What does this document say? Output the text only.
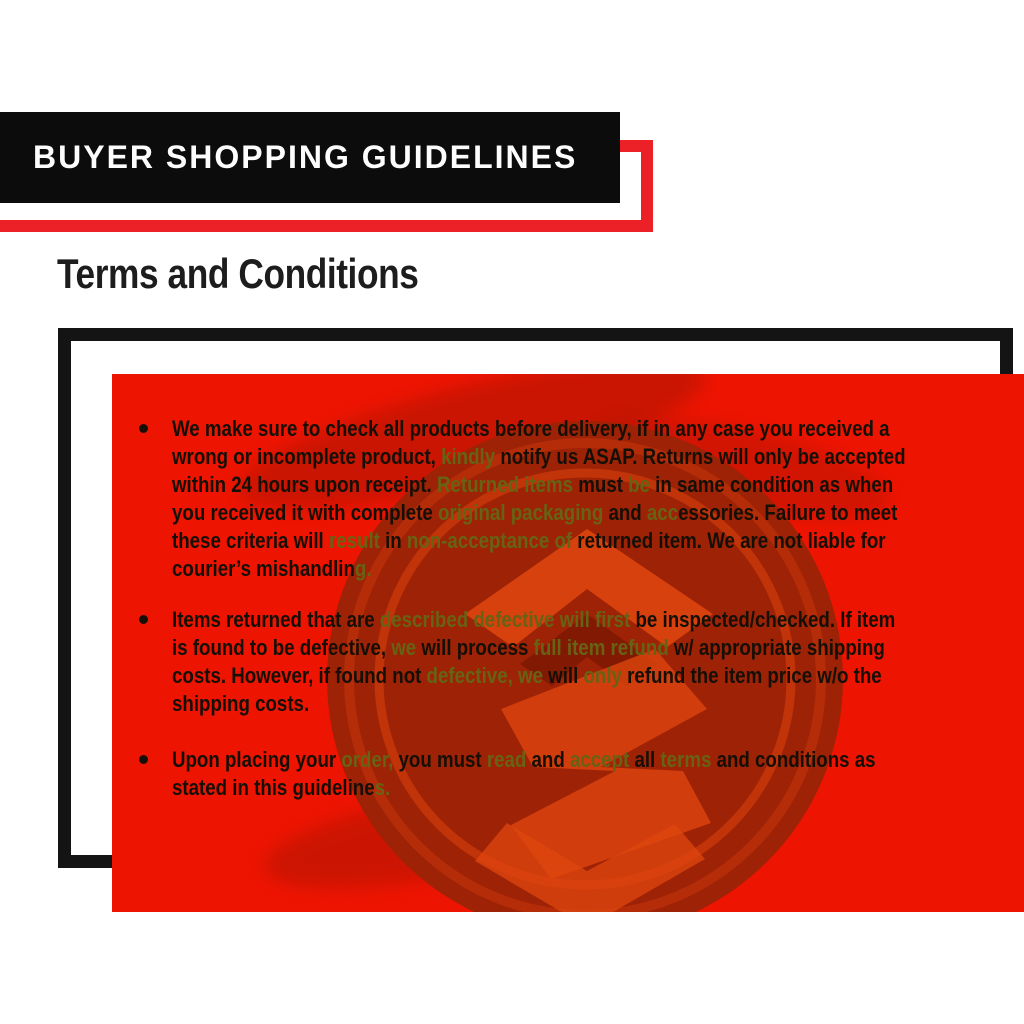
BUYER SHOPPING GUIDELINES
Terms and Conditions
We make sure to check all products before delivery, if in any case you received a
wrong or incomplete product, kindly notify us ASAP. Returns will only be accepted
within 24 hours upon receipt. Returned items must be in same condition as when
you received it with complete original packaging and accessories. Failure to meet
these criteria will result in non-acceptance of returned item. We are not liable for
courier’s mishandling.
Items returned that are described defective will first be inspected/checked. If item
is found to be defective, we will process full item refund w/ appropriate shipping
costs. However, if found not defective, we will only refund the item price w/o the
shipping costs.
Upon placing your order, you must read and accept all terms and conditions as
stated in this guidelines.
